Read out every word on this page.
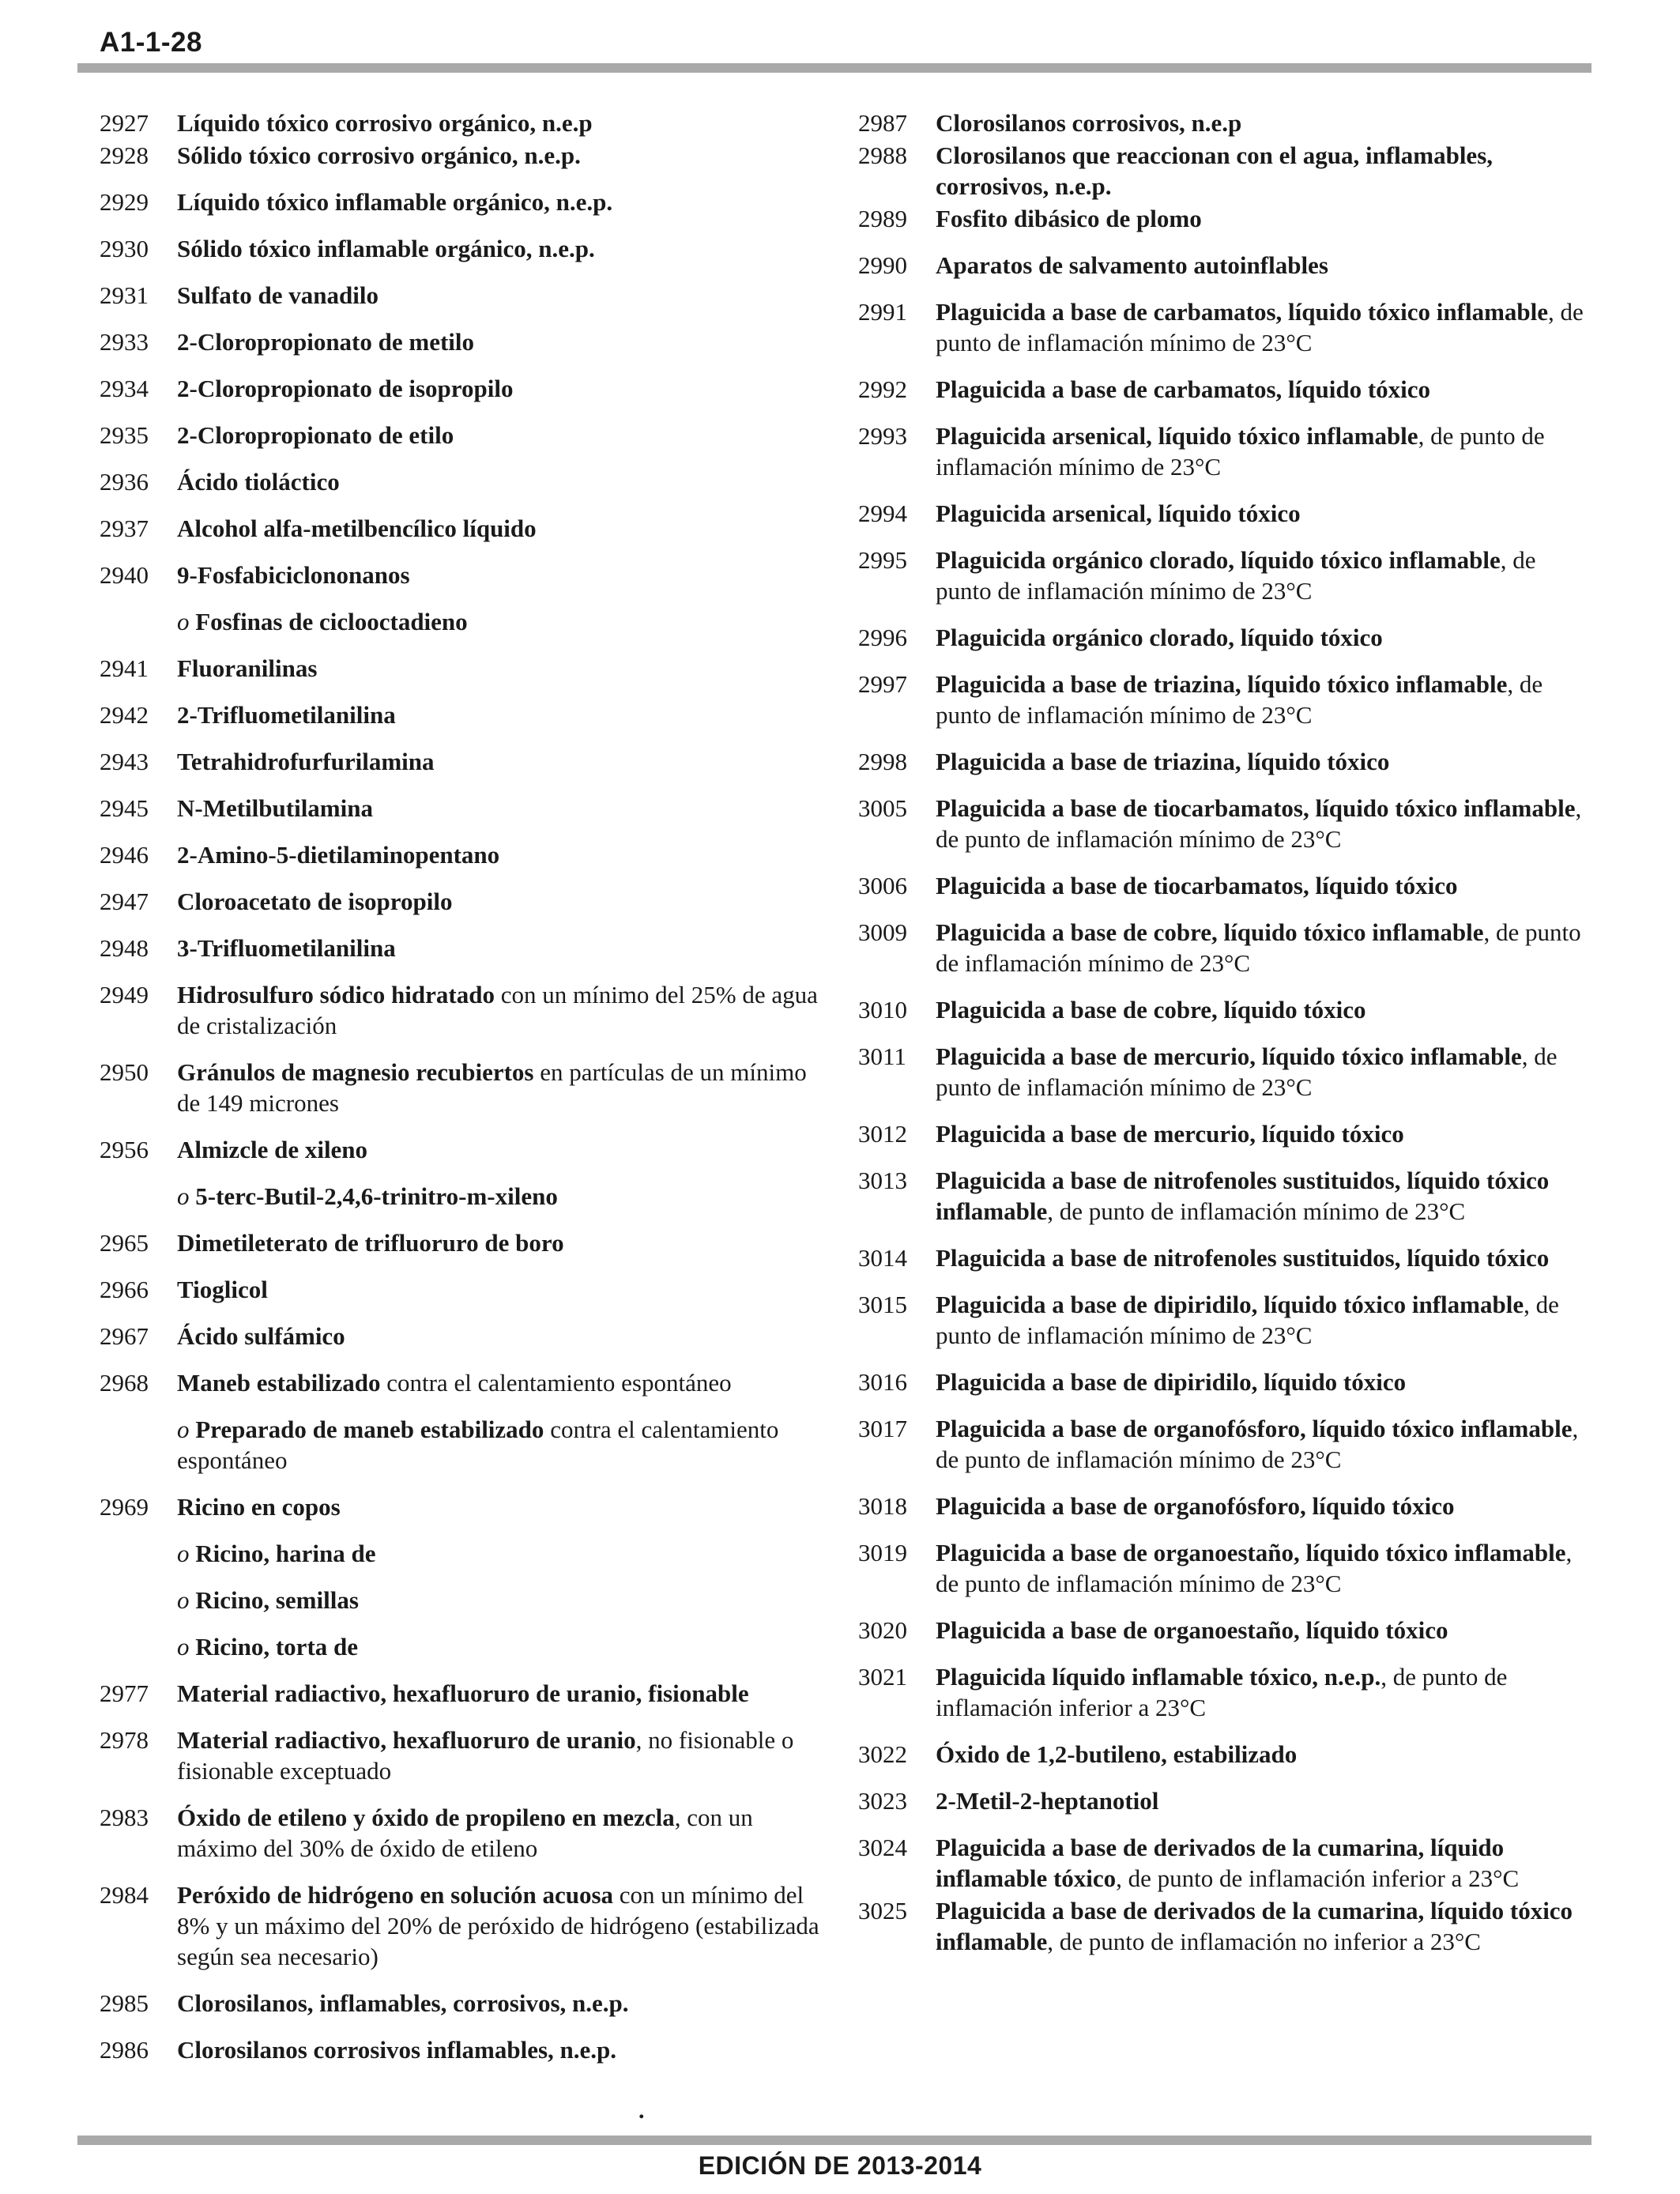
A1-1-28
2927	Líquido tóxico corrosivo orgánico, n.e.p
2928	Sólido tóxico corrosivo orgánico, n.e.p.
2929	Líquido tóxico inflamable orgánico, n.e.p.
2930	Sólido tóxico inflamable orgánico, n.e.p.
2931	Sulfato de vanadilo
2933	2-Cloropropionato de metilo
2934	2-Cloropropionato de isopropilo
2935	2-Cloropropionato de etilo
2936	Ácido tioláctico
2937	Alcohol alfa-metilbencílico líquido
2940	9-Fosfabiciclononanos
o Fosfinas de ciclooctadieno
2941	Fluoranilinas
2942	2-Trifluometilanilina
2943	Tetrahidrofurfurilamina
2945	N-Metilbutilamina
2946	2-Amino-5-dietilaminopentano
2947	Cloroacetato de isopropilo
2948	3-Trifluometilanilina
2949	Hidrosulfuro sódico hidratado con un mínimo del 25% de agua de cristalización
2950	Gránulos de magnesio recubiertos en partículas de un mínimo de 149 micrones
2956	Almizcle de xileno
o 5-terc-Butil-2,4,6-trinitro-m-xileno
2965	Dimetileterato de trifluoruro de boro
2966	Tioglicol
2967	Ácido sulfámico
2968	Maneb estabilizado contra el calentamiento espontáneo
o Preparado de maneb estabilizado contra el calentamiento espontáneo
2969	Ricino en copos
o Ricino, harina de
o Ricino, semillas
o Ricino, torta de
2977	Material radiactivo, hexafluoruro de uranio, fisionable
2978	Material radiactivo, hexafluoruro de uranio, no fisionable o fisionable exceptuado
2983	Óxido de etileno y óxido de propileno en mezcla, con un máximo del 30% de óxido de etileno
2984	Peróxido de hidrógeno en solución acuosa con un mínimo del 8% y un máximo del 20% de peróxido de hidrógeno (estabilizada según sea necesario)
2985	Clorosilanos, inflamables, corrosivos, n.e.p.
2986	Clorosilanos corrosivos inflamables, n.e.p.
2987	Clorosilanos corrosivos, n.e.p
2988	Clorosilanos que reaccionan con el agua, inflamables, corrosivos, n.e.p.
2989	Fosfito dibásico de plomo
2990	Aparatos de salvamento autoinflables
2991	Plaguicida a base de carbamatos, líquido tóxico inflamable, de punto de inflamación mínimo de 23°C
2992	Plaguicida a base de carbamatos, líquido tóxico
2993	Plaguicida arsenical, líquido tóxico inflamable, de punto de inflamación mínimo de 23°C
2994	Plaguicida arsenical, líquido tóxico
2995	Plaguicida orgánico clorado, líquido tóxico inflamable, de punto de inflamación mínimo de 23°C
2996	Plaguicida orgánico clorado, líquido tóxico
2997	Plaguicida a base de triazina, líquido tóxico inflamable, de punto de inflamación mínimo de 23°C
2998	Plaguicida a base de triazina, líquido tóxico
3005	Plaguicida a base de tiocarbamatos, líquido tóxico inflamable, de punto de inflamación mínimo de 23°C
3006	Plaguicida a base de tiocarbamatos, líquido tóxico
3009	Plaguicida a base de cobre, líquido tóxico inflamable, de punto de inflamación mínimo de 23°C
3010	Plaguicida a base de cobre, líquido tóxico
3011	Plaguicida a base de mercurio, líquido tóxico inflamable, de punto de inflamación mínimo de 23°C
3012	Plaguicida a base de mercurio, líquido tóxico
3013	Plaguicida a base de nitrofenoles sustituidos, líquido tóxico inflamable, de punto de inflamación mínimo de 23°C
3014	Plaguicida a base de nitrofenoles sustituidos, líquido tóxico
3015	Plaguicida a base de dipiridilo, líquido tóxico inflamable, de punto de inflamación mínimo de 23°C
3016	Plaguicida a base de dipiridilo, líquido tóxico
3017	Plaguicida a base de organofósforo, líquido tóxico inflamable, de punto de inflamación mínimo de 23°C
3018	Plaguicida a base de organofósforo, líquido tóxico
3019	Plaguicida a base de organoestaño, líquido tóxico inflamable, de punto de inflamación mínimo de 23°C
3020	Plaguicida a base de organoestaño, líquido tóxico
3021	Plaguicida líquido inflamable tóxico, n.e.p., de punto de inflamación inferior a 23°C
3022	Óxido de 1,2-butileno, estabilizado
3023	2-Metil-2-heptanotiol
3024	Plaguicida a base de derivados de la cumarina, líquido inflamable tóxico, de punto de inflamación inferior a 23°C
3025	Plaguicida a base de derivados de la cumarina, líquido tóxico inflamable, de punto de inflamación no inferior a 23°C
.
EDICIÓN DE 2013-2014
